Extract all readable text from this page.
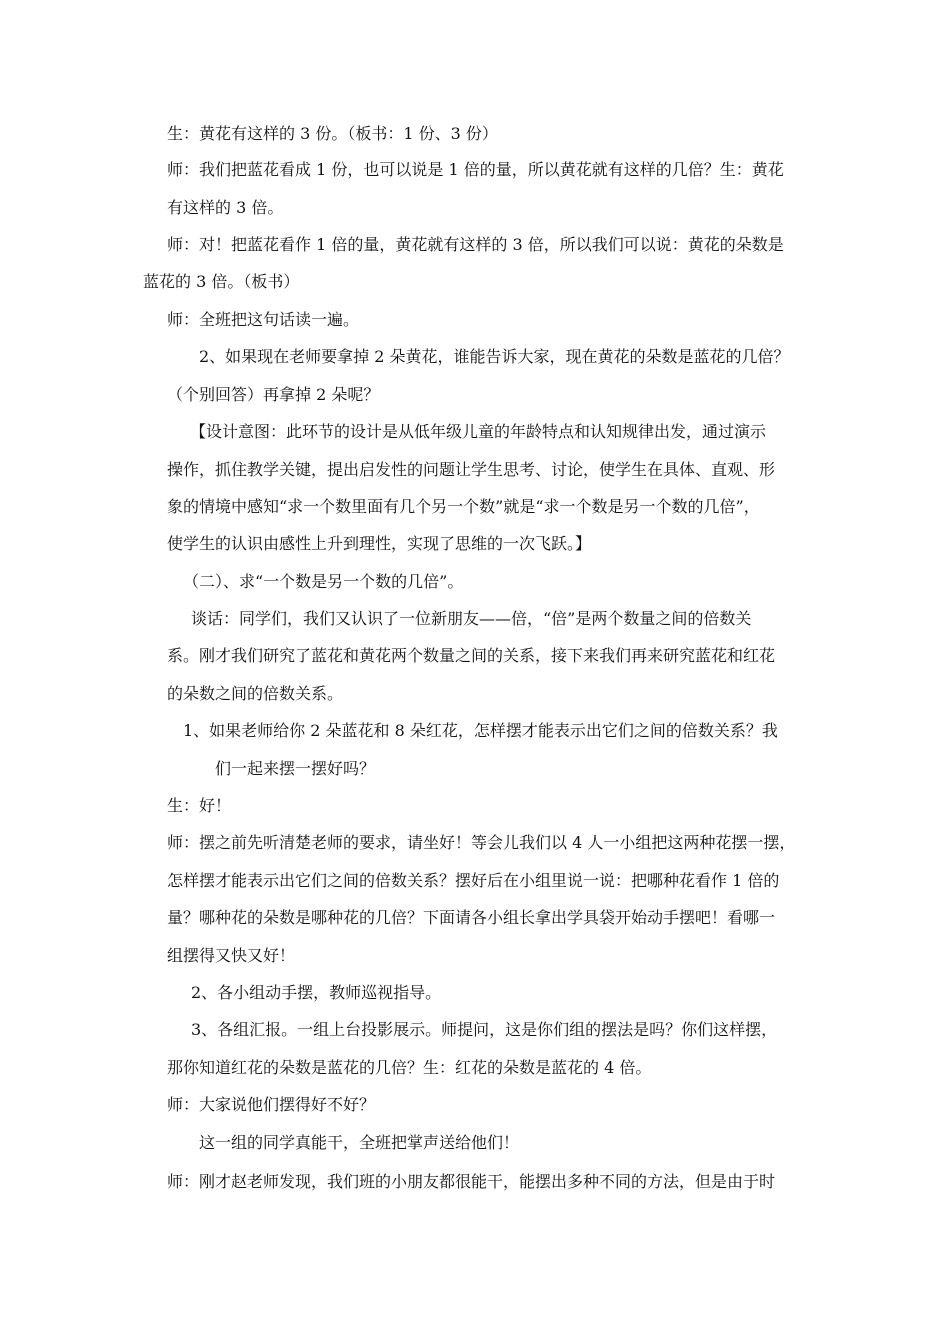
生：黄花有这样的 3 份。（板书：1 份、3 份）
师：我们把蓝花看成 1 份，也可以说是 1 倍的量，所以黄花就有这样的几倍？生：黄花
有这样的 3 倍。
师：对！把蓝花看作 1 倍的量，黄花就有这样的 3 倍，所以我们可以说：黄花的朵数是
蓝花的 3 倍。（板书）
师：全班把这句话读一遍。
2、如果现在老师要拿掉 2 朵黄花，谁能告诉大家，现在黄花的朵数是蓝花的几倍？
（个别回答）再拿掉 2 朵呢？
【设计意图：此环节的设计是从低年级儿童的年龄特点和认知规律出发，通过演示
操作，抓住教学关键，提出启发性的问题让学生思考、讨论，使学生在具体、直观、形
象的情境中感知“求一个数里面有几个另一个数”就是“求一个数是另一个数的几倍”，
使学生的认识由感性上升到理性，实现了思维的一次飞跃。】
（二）、求“一个数是另一个数的几倍”。
谈话：同学们，我们又认识了一位新朋友——倍，“倍”是两个数量之间的倍数关
系。刚才我们研究了蓝花和黄花两个数量之间的关系，接下来我们再来研究蓝花和红花
的朵数之间的倍数关系。
1、如果老师给你 2 朵蓝花和 8 朵红花，怎样摆才能表示出它们之间的倍数关系？我
们一起来摆一摆好吗？
生：好！
师：摆之前先听清楚老师的要求，请坐好！等会儿我们以 4 人一小组把这两种花摆一摆，
怎样摆才能表示出它们之间的倍数关系？摆好后在小组里说一说：把哪种花看作 1 倍的
量？哪种花的朵数是哪种花的几倍？下面请各小组长拿出学具袋开始动手摆吧！看哪一
组摆得又快又好！
2、各小组动手摆，教师巡视指导。
3、各组汇报。一组上台投影展示。师提问，这是你们组的摆法是吗？你们这样摆，
那你知道红花的朵数是蓝花的几倍？生：红花的朵数是蓝花的 4 倍。
师：大家说他们摆得好不好？
这一组的同学真能干，全班把掌声送给他们！
师：刚才赵老师发现，我们班的小朋友都很能干，能摆出多种不同的方法，但是由于时
